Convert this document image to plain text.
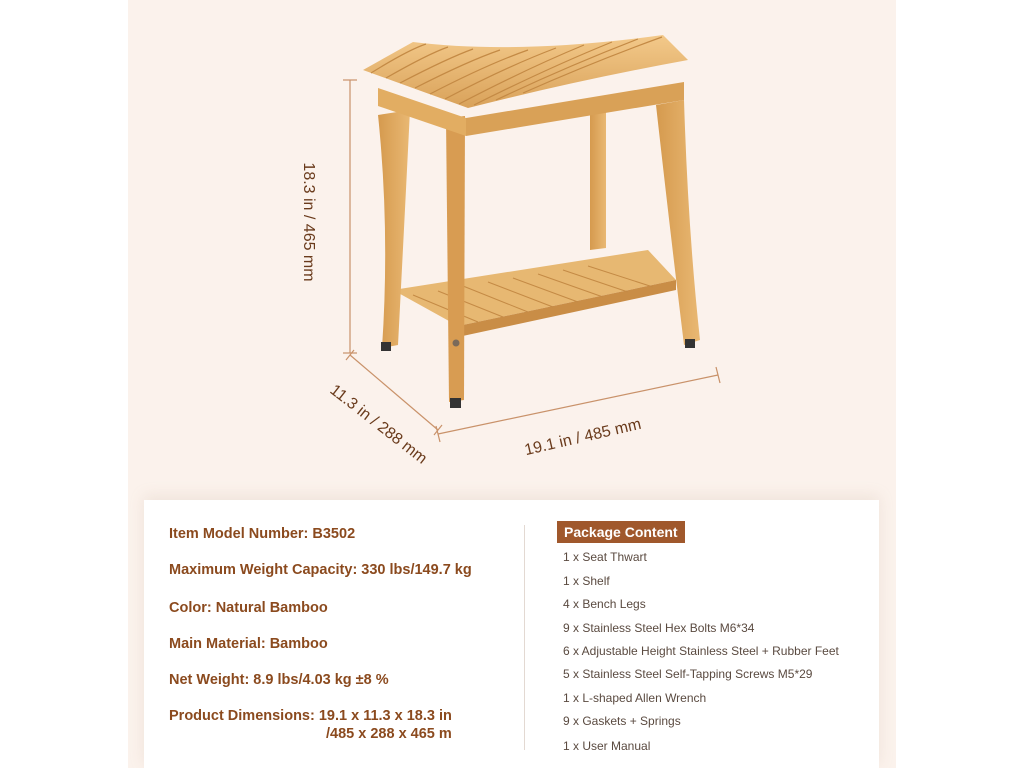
18.3 in / 465 mm
11.3 in / 288 mm	19.1 in / 485 mm
Item Model Number: B3502
Maximum Weight Capacity: 330 lbs/149.7 kg
Color: Natural Bamboo
Main Material: Bamboo
Net Weight: 8.9 lbs/4.03 kg ±8 %
Product Dimensions: 19.1 x 11.3 x 18.3 in
/485 x 288 x 465 m
Package Content
1 x Seat Thwart
1 x Shelf
4 x Bench Legs
9 x Stainless Steel Hex Bolts M6*34
6 x Adjustable Height Stainless Steel + Rubber Feet
5 x Stainless Steel Self-Tapping Screws M5*29
1 x L-shaped Allen Wrench
9 x Gaskets + Springs
1 x User Manual
